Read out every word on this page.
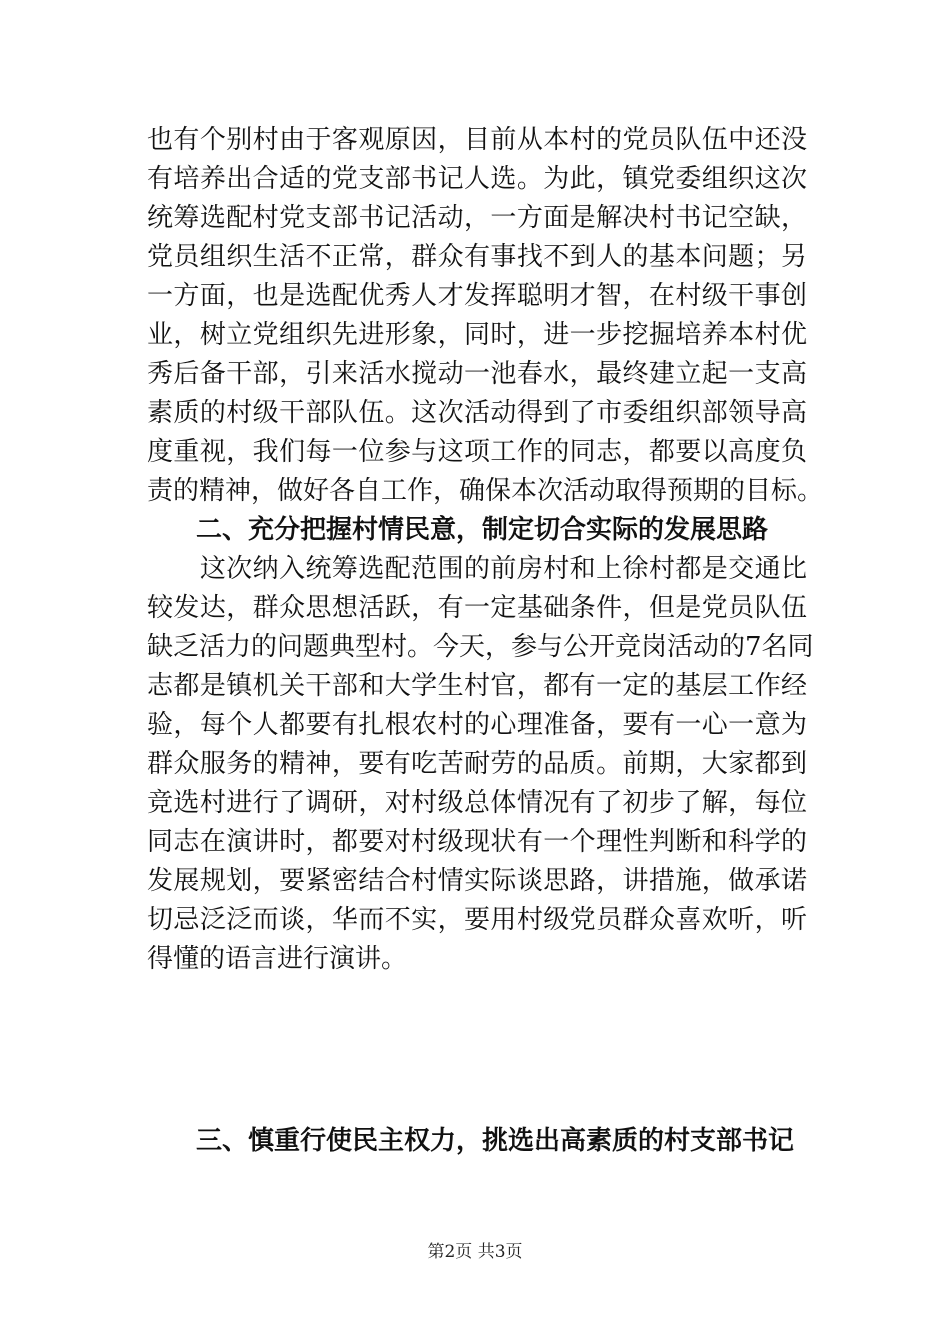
也有个别村由于客观原因，目前从本村的党员队伍中还没
有培养出合适的党支部书记人选。为此，镇党委组织这次
统筹选配村党支部书记活动，一方面是解决村书记空缺，
党员组织生活不正常，群众有事找不到人的基本问题；另
一方面，也是选配优秀人才发挥聪明才智，在村级干事创
业，树立党组织先进形象，同时，进一步挖掘培养本村优
秀后备干部，引来活水搅动一池春水，最终建立起一支高
素质的村级干部队伍。这次活动得到了市委组织部领导高
度重视，我们每一位参与这项工作的同志，都要以高度负
责的精神，做好各自工作，确保本次活动取得预期的目标。
二、充分把握村情民意，制定切合实际的发展思路
　　这次纳入统筹选配范围的前房村和上徐村都是交通比
较发达，群众思想活跃，有一定基础条件，但是党员队伍
缺乏活力的问题典型村。今天，参与公开竞岗活动的7名同
志都是镇机关干部和大学生村官，都有一定的基层工作经
验，每个人都要有扎根农村的心理准备，要有一心一意为
群众服务的精神，要有吃苦耐劳的品质。前期，大家都到
竞选村进行了调研，对村级总体情况有了初步了解，每位
同志在演讲时，都要对村级现状有一个理性判断和科学的
发展规划，要紧密结合村情实际谈思路，讲措施，做承诺
切忌泛泛而谈，华而不实，要用村级党员群众喜欢听，听
得懂的语言进行演讲。
三、慎重行使民主权力，挑选出高素质的村支部书记
第2页 共3页
